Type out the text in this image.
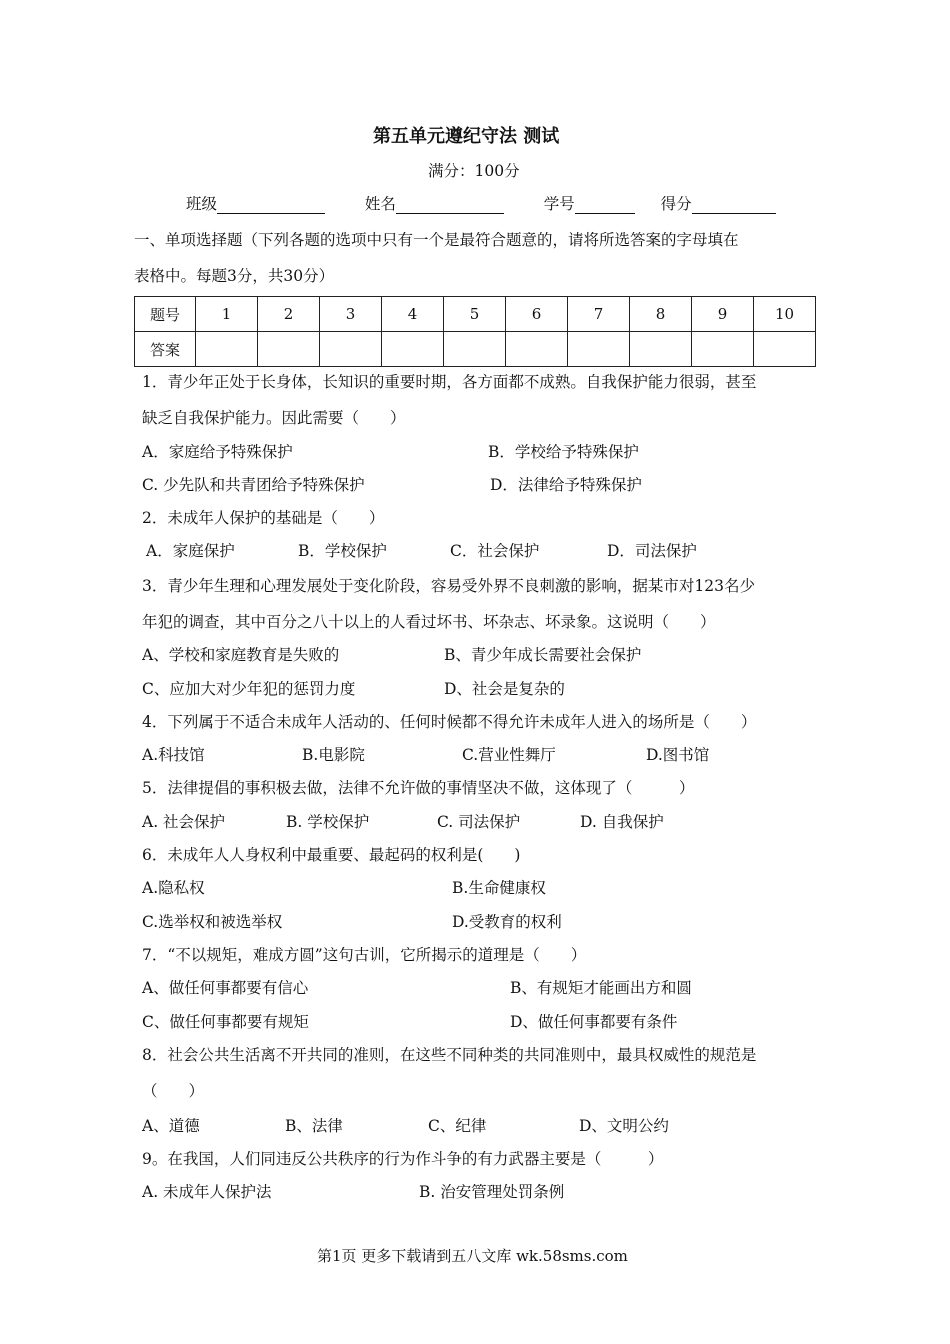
第五单元遵纪守法 测试
满分：100分
班级	姓名	学号	得分
一、单项选择题（下列各题的选项中只有一个是最符合题意的，请将所选答案的字母填在
表格中。每题3分，共30分）
题号	1	2	3	4	5	6	7	8	9	10
答案										
1．青少年正处于长身体，长知识的重要时期，各方面都不成熟。自我保护能力很弱，甚至
缺乏自我保护能力。因此需要（　　）
A．家庭给予特殊保护	B．学校给予特殊保护
C. 少先队和共青团给予特殊保护	D．法律给予特殊保护
2．未成年人保护的基础是（　　）
A．家庭保护	B．学校保护	C．社会保护	D．司法保护
3．青少年生理和心理发展处于变化阶段，容易受外界不良刺激的影响，据某市对123名少
年犯的调查，其中百分之八十以上的人看过坏书、坏杂志、坏录象。这说明（　　）
A、学校和家庭教育是失败的	B、青少年成长需要社会保护
C、应加大对少年犯的惩罚力度	D、社会是复杂的
4．下列属于不适合未成年人活动的、任何时候都不得允许未成年人进入的场所是（　　）
A.科技馆	B.电影院	C.营业性舞厅	D.图书馆
5．法律提倡的事积极去做，法律不允许做的事情坚决不做，这体现了（　　　）
A. 社会保护	B. 学校保护	C. 司法保护	D. 自我保护
6．未成年人人身权利中最重要、最起码的权利是(　　)
A.隐私权	B.生命健康权
C.选举权和被选举权	D.受教育的权利
7．“不以规矩，难成方圆”这句古训，它所揭示的道理是（　　）
A、做任何事都要有信心	B、有规矩才能画出方和圆
C、做任何事都要有规矩	D、做任何事都要有条件
8．社会公共生活离不开共同的准则，在这些不同种类的共同准则中，最具权威性的规范是
（　　）
A、道德	B、法律	C、纪律	D、文明公约
9。在我国，人们同违反公共秩序的行为作斗争的有力武器主要是（　　　）
A. 未成年人保护法	B. 治安管理处罚条例
第1页 更多下载请到五八文库 wk.58sms.com
